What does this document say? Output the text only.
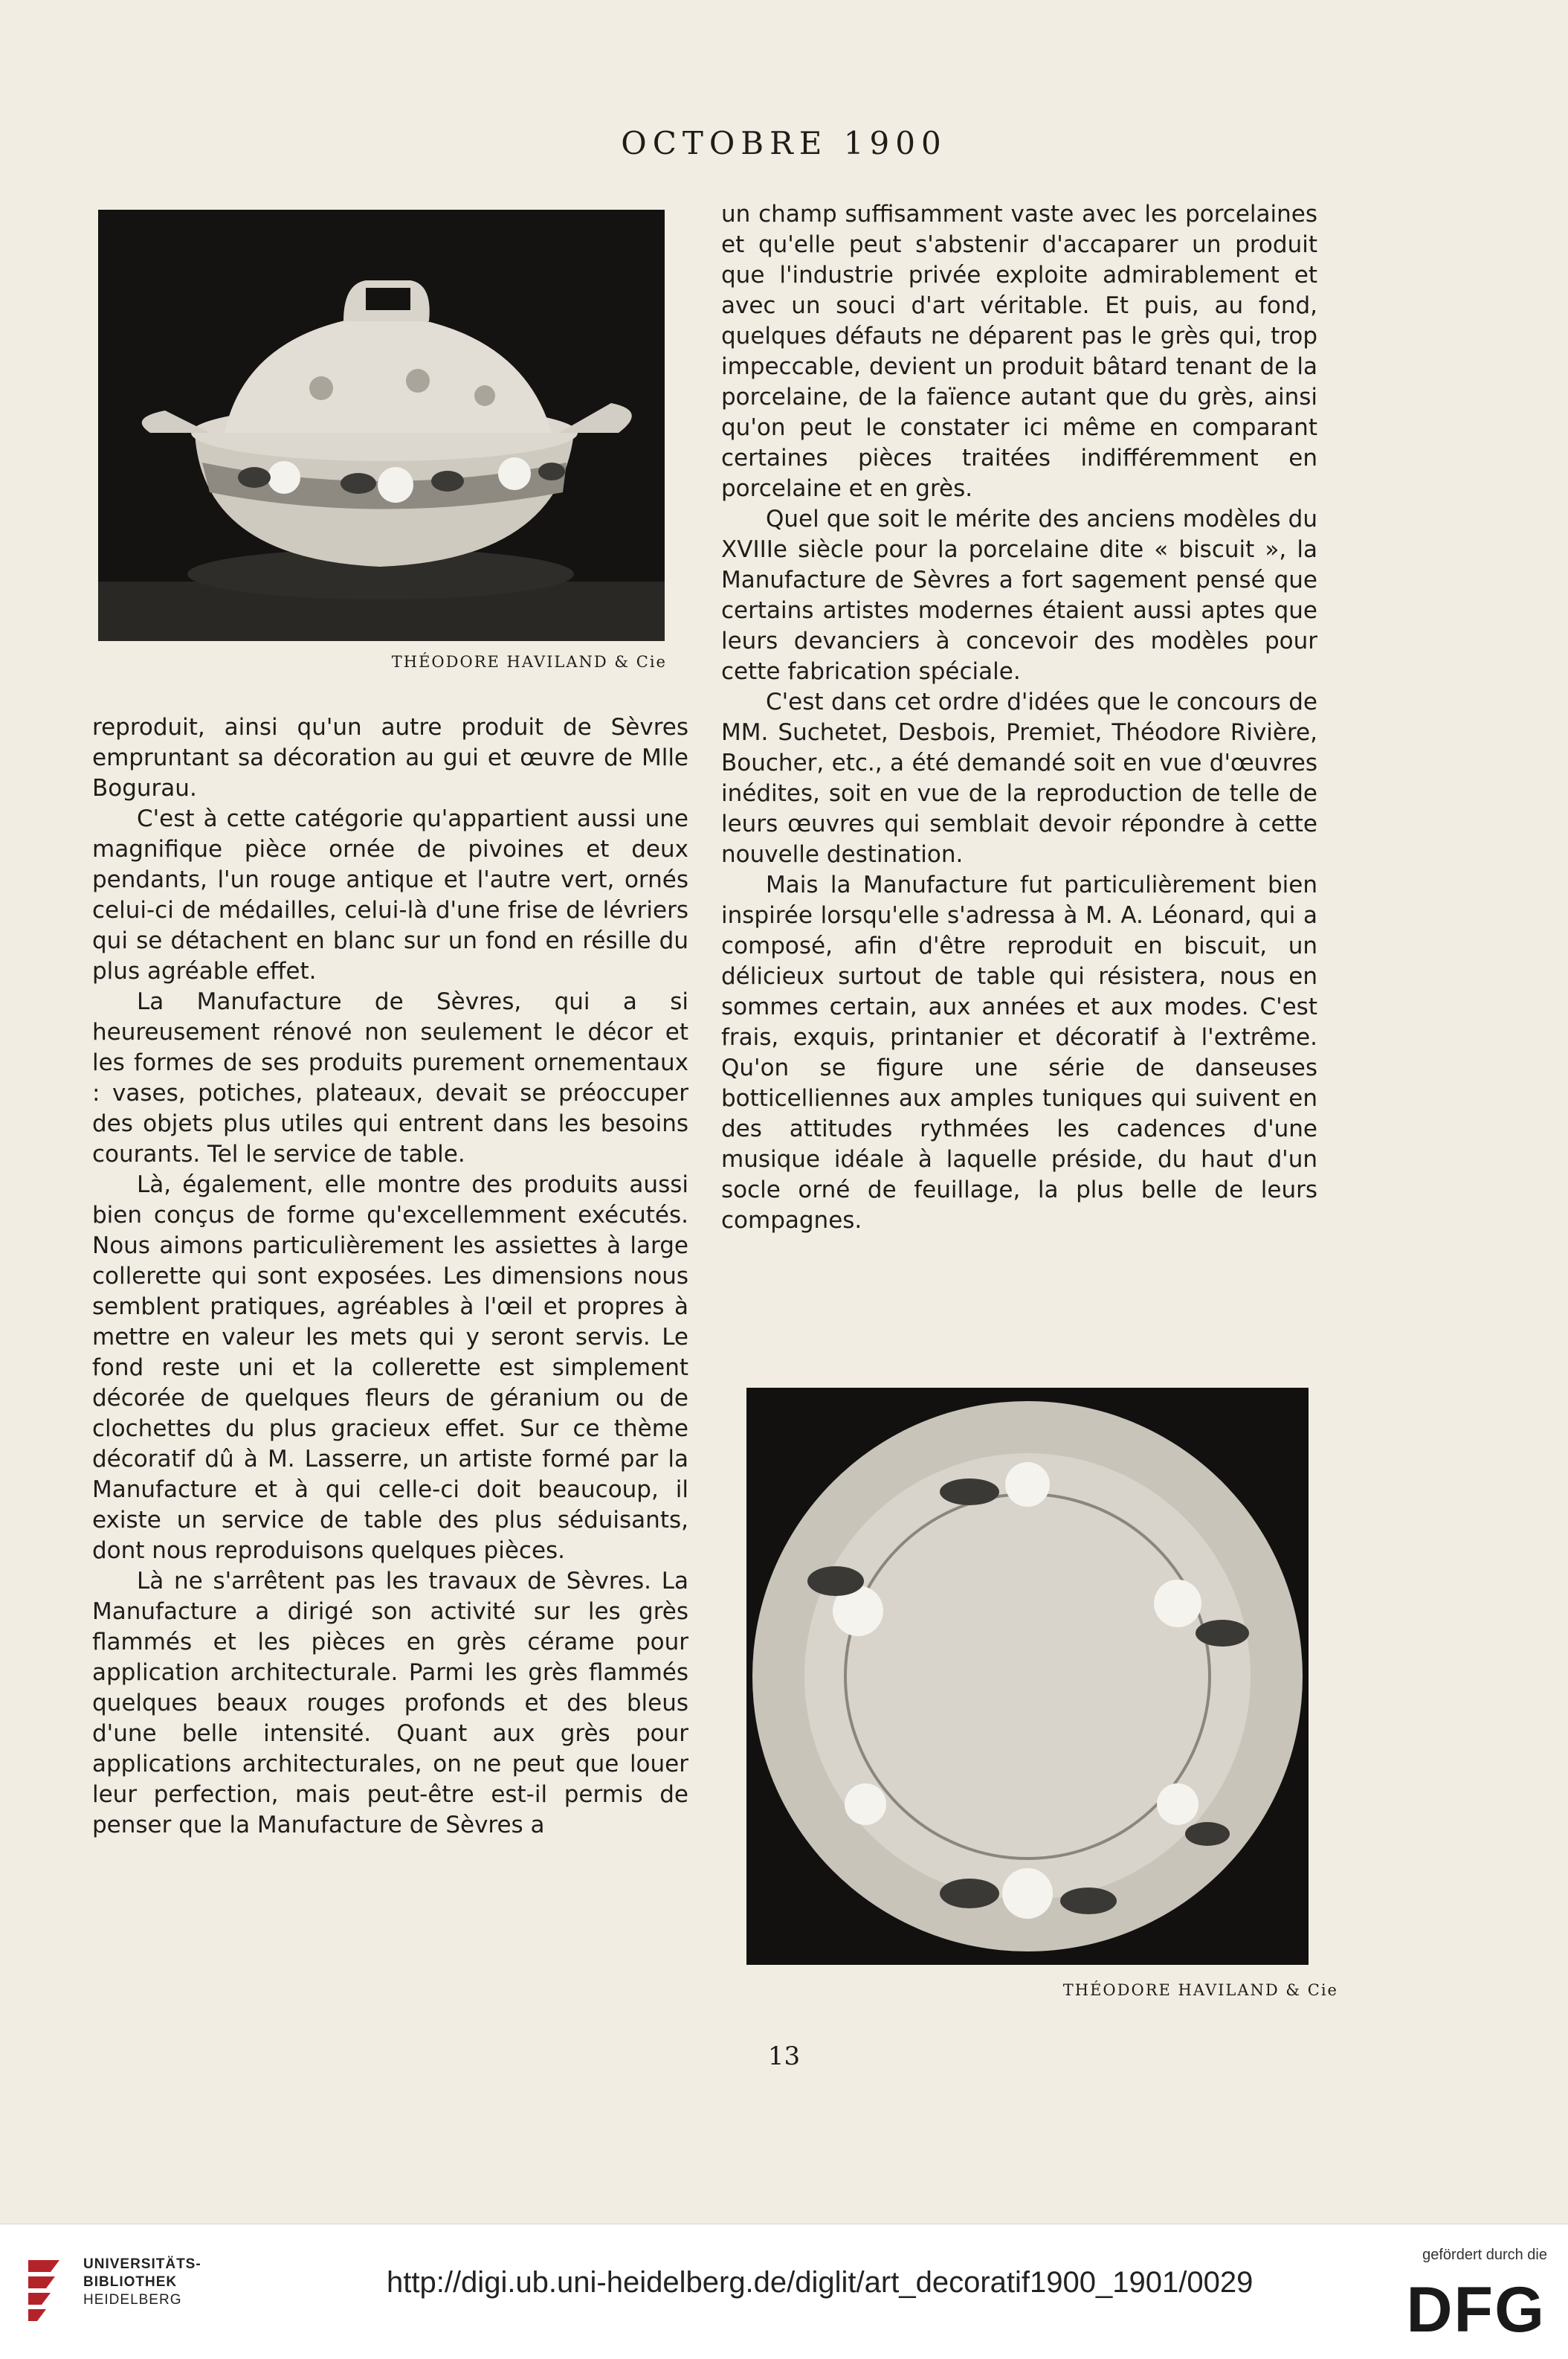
OCTOBRE 1900
THÉODORE HAVILAND & Cie

reproduit, ainsi qu'un autre produit de Sèvres empruntant sa décoration au gui et œuvre de Mlle Bogurau.

C'est à cette catégorie qu'appartient aussi une magnifique pièce ornée de pivoines et deux pendants, l'un rouge antique et l'autre vert, ornés celui-ci de médailles, celui-là d'une frise de lévriers qui se détachent en blanc sur un fond en résille du plus agréable effet.

La Manufacture de Sèvres, qui a si heureusement rénové non seulement le décor et les formes de ses produits purement ornementaux : vases, potiches, plateaux, devait se préoccuper des objets plus utiles qui entrent dans les besoins courants. Tel le service de table.

Là, également, elle montre des produits aussi bien conçus de forme qu'excellemment exécutés. Nous aimons particulièrement les assiettes à large collerette qui sont exposées. Les dimensions nous semblent pratiques, agréables à l'œil et propres à mettre en valeur les mets qui y seront servis. Le fond reste uni et la collerette est simplement décorée de quelques fleurs de géranium ou de clochettes du plus gracieux effet. Sur ce thème décoratif dû à M. Lasserre, un artiste formé par la Manufacture et à qui celle-ci doit beaucoup, il existe un service de table des plus séduisants, dont nous reproduisons quelques pièces.

Là ne s'arrêtent pas les travaux de Sèvres. La Manufacture a dirigé son activité sur les grès flammés et les pièces en grès cérame pour application architecturale. Parmi les grès flammés quelques beaux rouges profonds et des bleus d'une belle intensité. Quant aux grès pour applications architecturales, on ne peut que louer leur perfection, mais peut-être est-il permis de penser que la Manufacture de Sèvres a

un champ suffisamment vaste avec les porcelaines et qu'elle peut s'abstenir d'accaparer un produit que l'industrie privée exploite admirablement et avec un souci d'art véritable. Et puis, au fond, quelques défauts ne déparent pas le grès qui, trop impeccable, devient un produit bâtard tenant de la porcelaine, de la faïence autant que du grès, ainsi qu'on peut le constater ici même en comparant certaines pièces traitées indifféremment en porcelaine et en grès.

Quel que soit le mérite des anciens modèles du XVIIIe siècle pour la porcelaine dite « biscuit », la Manufacture de Sèvres a fort sagement pensé que certains artistes modernes étaient aussi aptes que leurs devanciers à concevoir des modèles pour cette fabrication spéciale.

C'est dans cet ordre d'idées que le concours de MM. Suchetet, Desbois, Premiet, Théodore Rivière, Boucher, etc., a été demandé soit en vue d'œuvres inédites, soit en vue de la reproduction de telle de leurs œuvres qui semblait devoir répondre à cette nouvelle destination.

Mais la Manufacture fut particulièrement bien inspirée lorsqu'elle s'adressa à M. A. Léonard, qui a composé, afin d'être reproduit en biscuit, un délicieux surtout de table qui résistera, nous en sommes certain, aux années et aux modes. C'est frais, exquis, printanier et décoratif à l'extrême. Qu'on se figure une série de danseuses botticelliennes aux amples tuniques qui suivent en des attitudes rythmées les cadences d'une musique idéale à laquelle préside, du haut d'un socle orné de feuillage, la plus belle de leurs compagnes.

THÉODORE HAVILAND & Cie
13
UNIVERSITÄTS-
BIBLIOTHEK
HEIDELBERG
http://digi.ub.uni-heidelberg.de/diglit/art_decoratif1900_1901/0029
gefördert durch die
DFG
